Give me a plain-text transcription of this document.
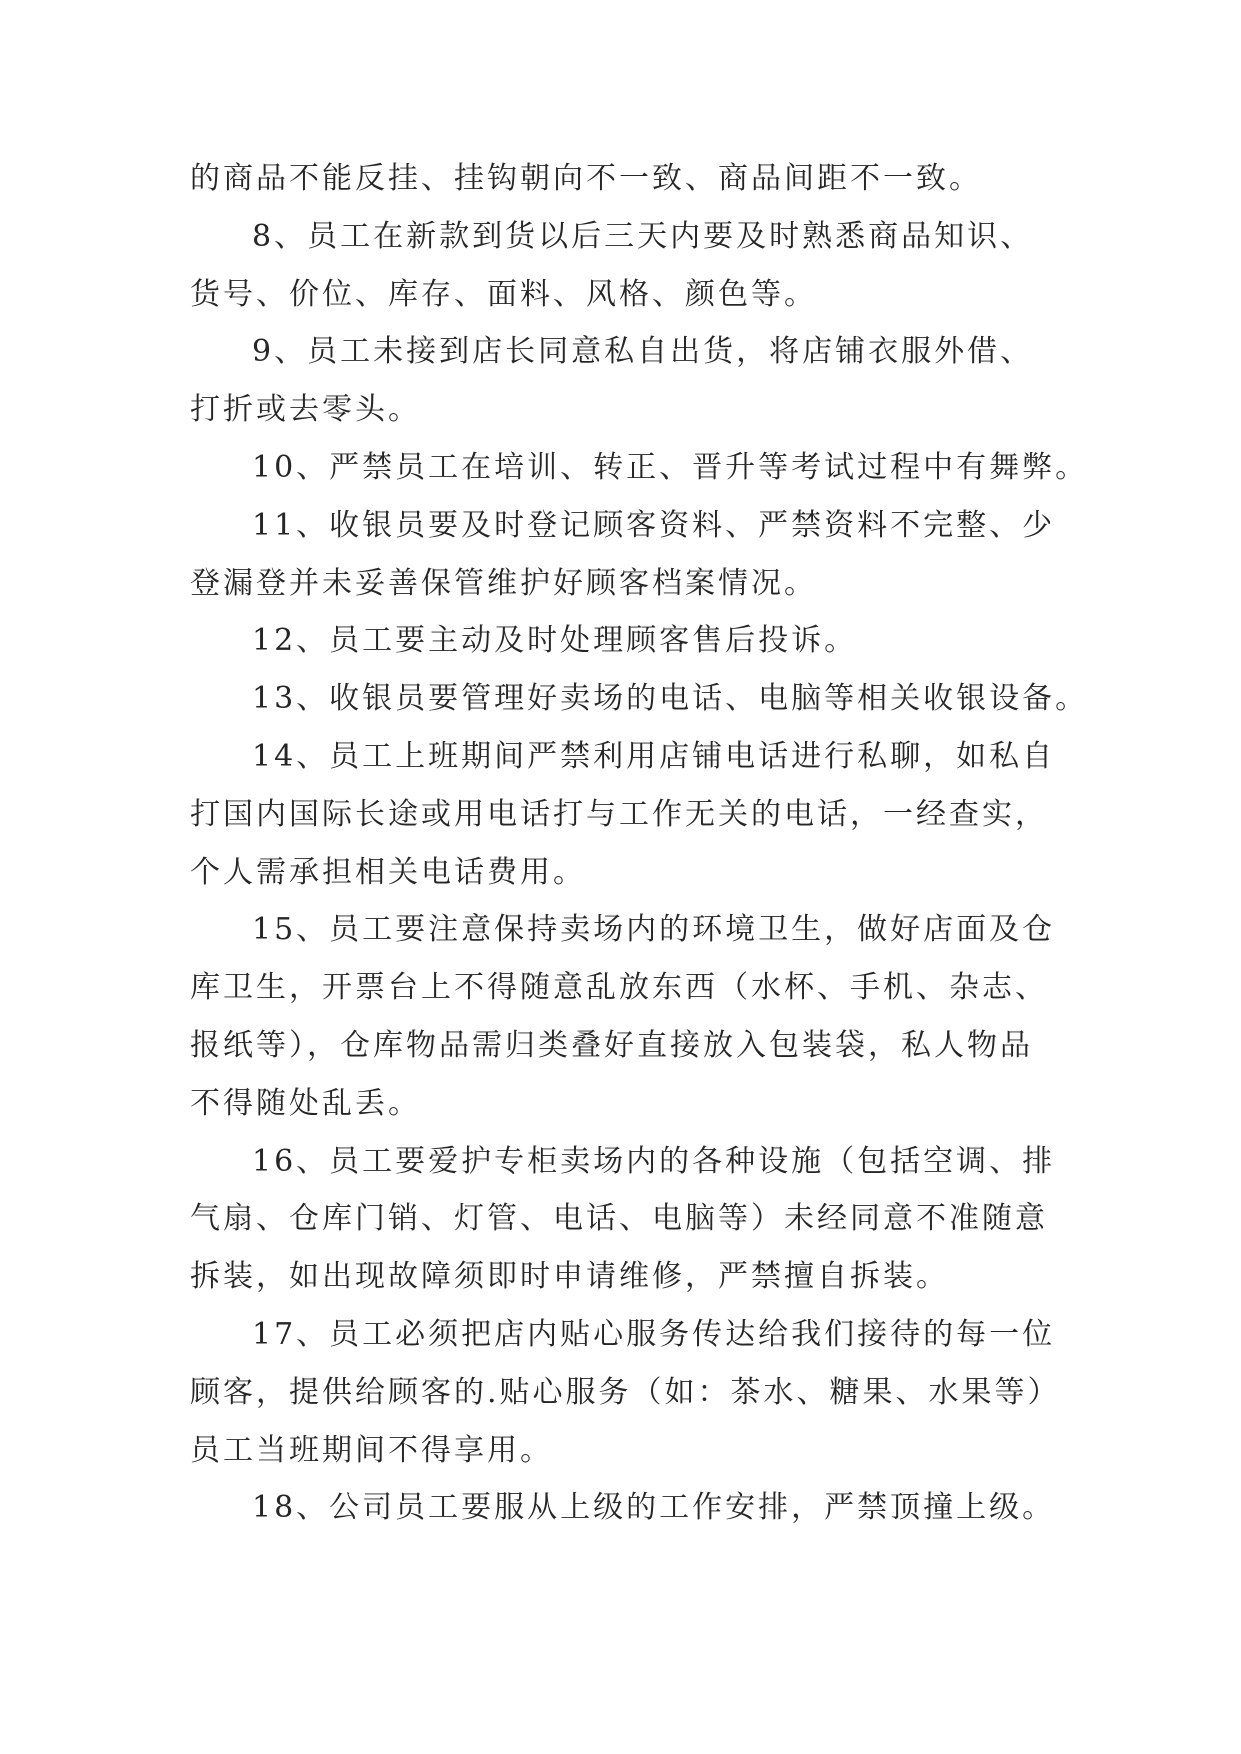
的商品不能反挂、挂钩朝向不一致、商品间距不一致。
8、员工在新款到货以后三天内要及时熟悉商品知识、
货号、价位、库存、面料、风格、颜色等。
9、员工未接到店长同意私自出货，将店铺衣服外借、
打折或去零头。
10、严禁员工在培训、转正、晋升等考试过程中有舞弊。
11、收银员要及时登记顾客资料、严禁资料不完整、少
登漏登并未妥善保管维护好顾客档案情况。
12、员工要主动及时处理顾客售后投诉。
13、收银员要管理好卖场的电话、电脑等相关收银设备。
14、员工上班期间严禁利用店铺电话进行私聊，如私自
打国内国际长途或用电话打与工作无关的电话，一经查实，
个人需承担相关电话费用。
15、员工要注意保持卖场内的环境卫生，做好店面及仓
库卫生，开票台上不得随意乱放东西（水杯、手机、杂志、
报纸等），仓库物品需归类叠好直接放入包装袋，私人物品
不得随处乱丢。
16、员工要爱护专柜卖场内的各种设施（包括空调、排
气扇、仓库门销、灯管、电话、电脑等）未经同意不准随意
拆装，如出现故障须即时申请维修，严禁擅自拆装。
17、员工必须把店内贴心服务传达给我们接待的每一位
顾客，提供给顾客的.贴心服务（如：茶水、糖果、水果等）
员工当班期间不得享用。
18、公司员工要服从上级的工作安排，严禁顶撞上级。
